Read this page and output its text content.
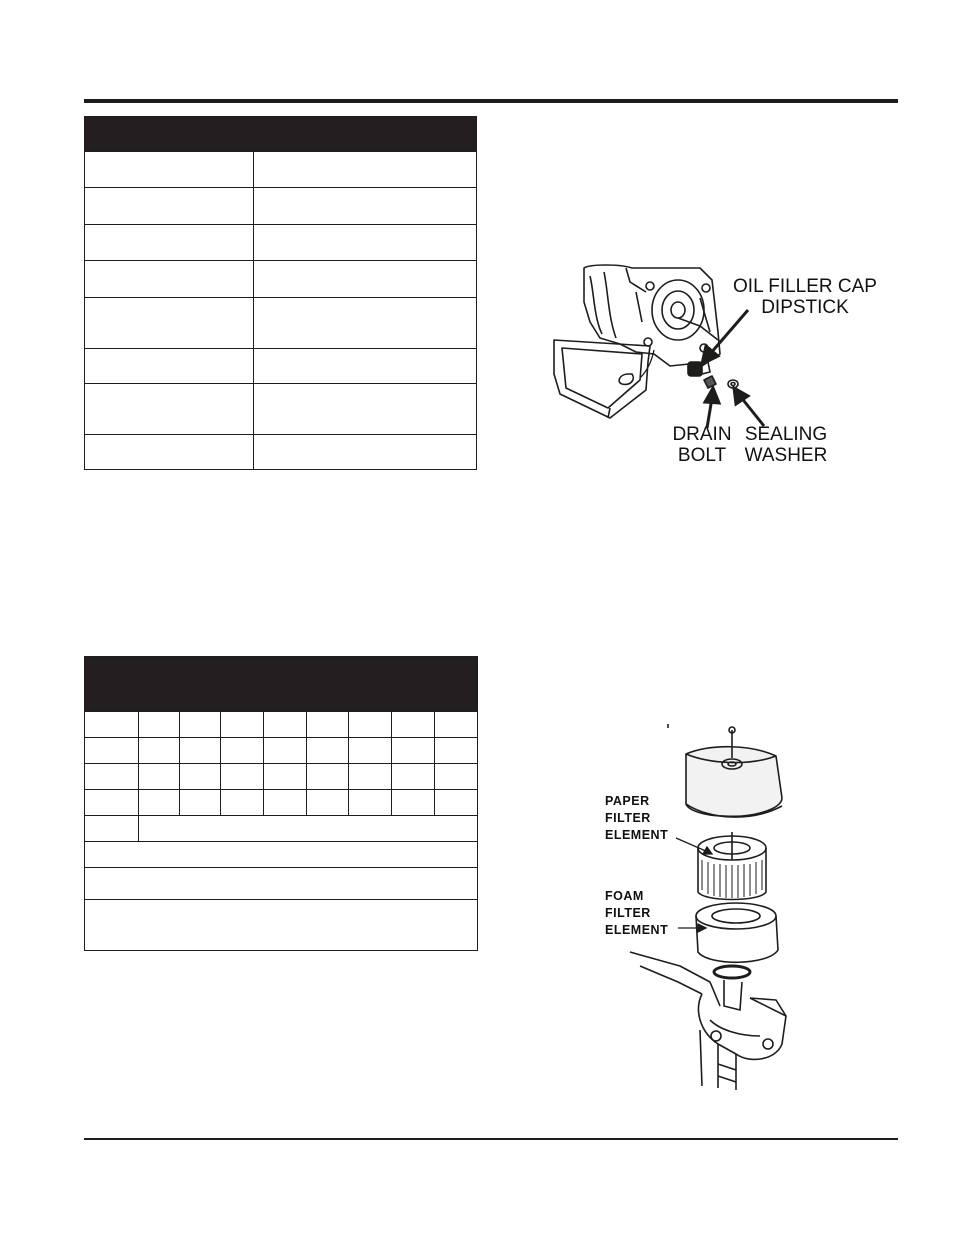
OIL FILLER CAP
DIPSTICK
DRAIN
BOLT
SEALING
WASHER
PAPER
FILTER
ELEMENT
FOAM
FILTER
ELEMENT
